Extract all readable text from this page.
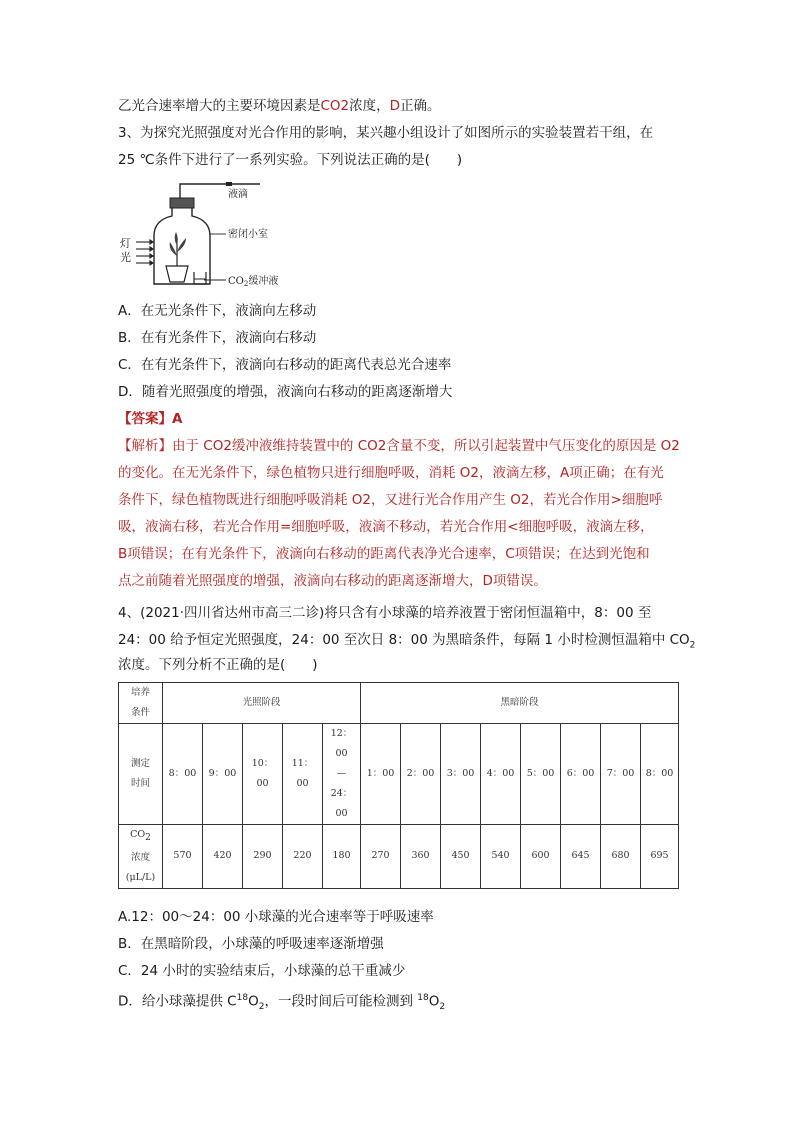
乙光合速率增大的主要环境因素是CO2浓度，D正确。
3、为探究光照强度对光合作用的影响，某兴趣小组设计了如图所示的实验装置若干组，在
25 ℃条件下进行了一系列实验。下列说法正确的是(　　)
液滴
密闭小室
灯
光
$CO_2$缓冲液
A．在无光条件下，液滴向左移动
B．在有光条件下，液滴向右移动
C．在有光条件下，液滴向右移动的距离代表总光合速率
D．随着光照强度的增强，液滴向右移动的距离逐渐增大
【答案】A
【解析】由于 CO2缓冲液维持装置中的 CO2含量不变，所以引起装置中气压变化的原因是 O2
的变化。在无光条件下，绿色植物只进行细胞呼吸，消耗 O2，液滴左移，A项正确；在有光
条件下，绿色植物既进行细胞呼吸消耗 O2，又进行光合作用产生 O2，若光合作用>细胞呼
吸，液滴右移，若光合作用=细胞呼吸，液滴不移动，若光合作用<细胞呼吸，液滴左移，
B项错误；在有光条件下，液滴向右移动的距离代表净光合速率，C项错误；在达到光饱和
点之前随着光照强度的增强，液滴向右移动的距离逐渐增大，D项错误。
4、(2021·四川省达州市高三二诊)将只含有小球藻的培养液置于密闭恒温箱中，8：00 至
24：00 给予恒定光照强度，24：00 至次日 8：00 为黑暗条件，每隔 1 小时检测恒温箱中 $CO_2$
浓度。下列分析不正确的是(　　)
培养
条件	光照阶段					黑暗阶段							
测定
时间	8：00	9：00	10：
00	11：
00	12：
00
—
24：
00	1：00	2：00	3：00	4：00	5：00	6：00	7：00	8：00
CO2
浓度
(μL/L)	570	420	290	220	180	270	360	450	540	600	645	680	695
A.12：00～24：00 小球藻的光合速率等于呼吸速率
B．在黑暗阶段，小球藻的呼吸速率逐渐增强
C．24 小时的实验结束后，小球藻的总干重减少
D．给小球藻提供 $C^{18}O_2$，一段时间后可能检测到 $^{18}O_2$
